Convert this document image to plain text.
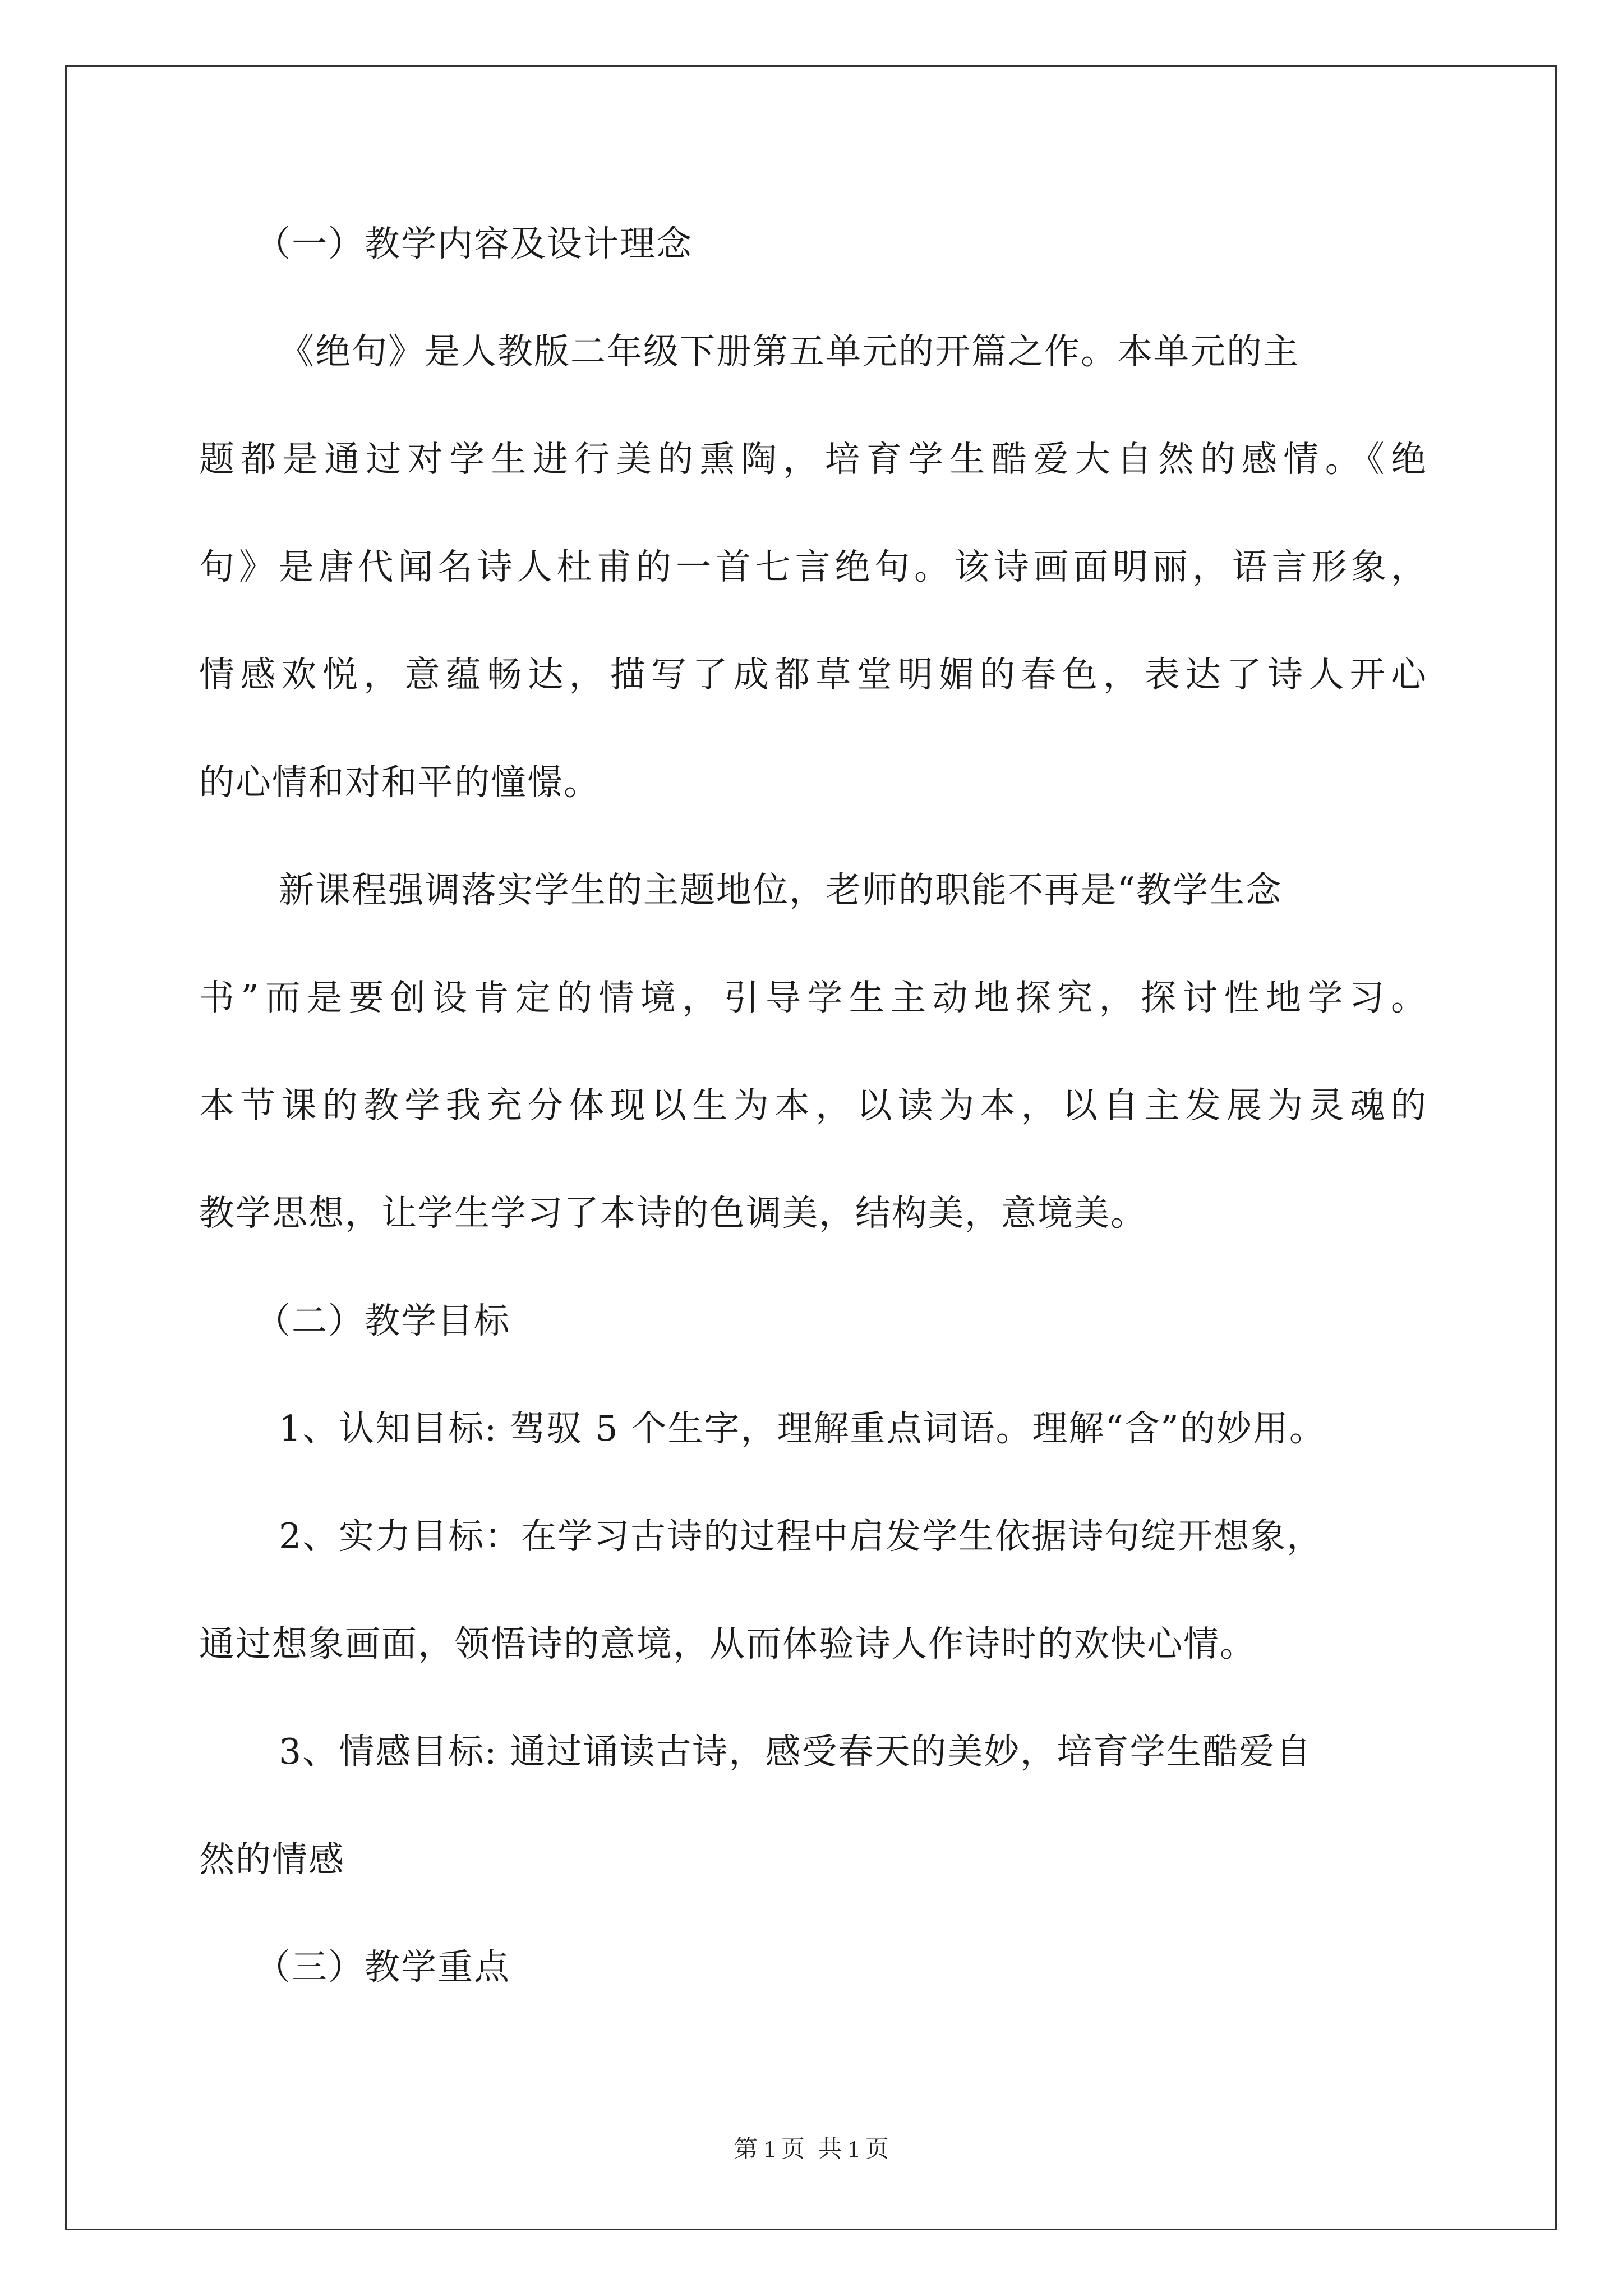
（一）教学内容及设计理念
《绝句》是人教版二年级下册第五单元的开篇之作。本单元的主
题都是通过对学生进行美的熏陶，培育学生酷爱大自然的感情。《绝
句》是唐代闻名诗人杜甫的一首七言绝句。该诗画面明丽，语言形象，
情感欢悦，意蕴畅达，描写了成都草堂明媚的春色，表达了诗人开心
的心情和对和平的憧憬。
新课程强调落实学生的主题地位，老师的职能不再是“教学生念
书”而是要创设肯定的情境，引导学生主动地探究，探讨性地学习。
本节课的教学我充分体现以生为本，以读为本，以自主发展为灵魂的
教学思想，让学生学习了本诗的色调美，结构美，意境美。
（二）教学目标
1、认知目标: 驾驭 5 个生字，理解重点词语。理解“含”的妙用。
2、实力目标：在学习古诗的过程中启发学生依据诗句绽开想象，
通过想象画面，领悟诗的意境，从而体验诗人作诗时的欢快心情。
3、情感目标: 通过诵读古诗，感受春天的美妙，培育学生酷爱自
然的情感
（三）教学重点
第 1 页 共 1 页
